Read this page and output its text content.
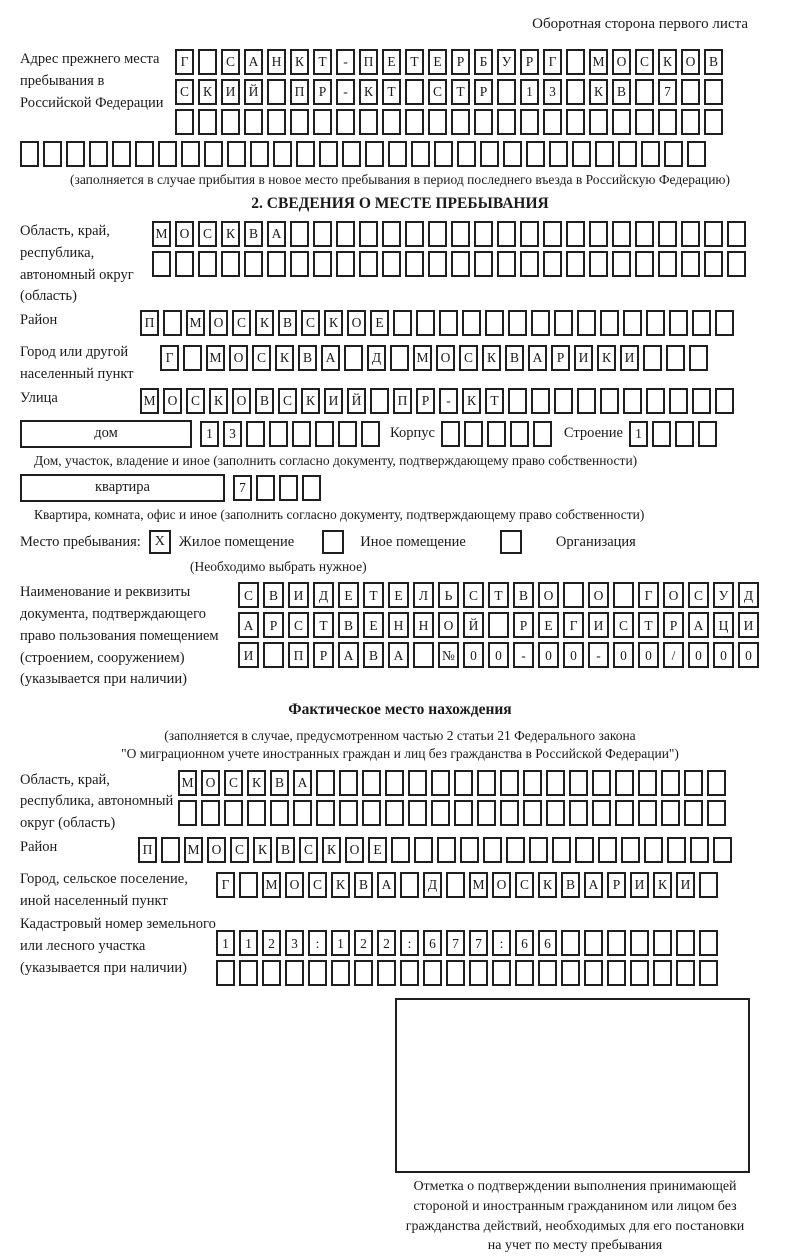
Оборотная сторона первого листа
Адрес прежнего места пребывания в Российской Федерации
Г	С	А Н	К	Т	-	П	Е	Т	Е	Р	Б	У	Р	Г	М О	С	К	О	В
С	К	И Й	П	Р	-	К	Т	С	Т	Р	1	3	К	В	7
(заполняется в случае прибытия в новое место пребывания в период последнего въезда в Российскую Федерацию)
2. СВЕДЕНИЯ О МЕСТЕ ПРЕБЫВАНИЯ
Область, край, республика, автономный округ (область)
М О	С	К	В	А
Район	П	М О	С	К	В	С	К	О	Е
Город или другой населенный пункт
Г	М О	С	К	В	А	Д	М О	С	К	В	А	Р	И	К	И
Улица	М О	С	К	О	В	С	К	И Й	П	Р	-	К	Т
дом	1	3	Корпус	Строение 1
Дом, участок, владение и иное (заполнить согласно документу, подтверждающему право собственности)
квартира	7
Квартира, комната, офис и иное (заполнить согласно документу, подтверждающему право собственности)
Место пребывания: X Жилое помещение	Иное помещение	Организация
(Необходимо выбрать нужное)
Наименование и реквизиты документа, подтверждающего право пользования помещением (строением, сооружением) (указывается при наличии)
С	В	И	Д	Е	Т	Е	Л	Ь	С	Т	В	О	О	Г	О	С	У	Д
А	Р	С	Т	В	Е	Н	Н	О	Й	Р	Е	Г	И	С	Т	Р	А	Ц	И
И	П	Р	А	В	А	№	0	0	-	0	0	-	0	0	/	0	0	0
Фактическое место нахождения
(заполняется в случае, предусмотренном частью 2 статьи 21 Федерального закона
"О миграционном учете иностранных граждан и лиц без гражданства в Российской Федерации")
Область, край, республика, автономный округ (область)
М О	С	К	В	А
Район	П	М О	С	К	В	С	К	О	Е
Город, сельское поселение, иной населенный пункт
Г	М О	С	К	В	А	Д	М О	С	К	В	А	Р	И	К	И
Кадастровый номер земельного или лесного участка (указывается при наличии)
1	1	2	3	:	1	2	2	:	6	7	7	:	6	6
Отметка о подтверждении выполнения принимающей
стороной и иностранным гражданином или лицом без
гражданства действий, необходимых для его постановки
на учет по месту пребывания
